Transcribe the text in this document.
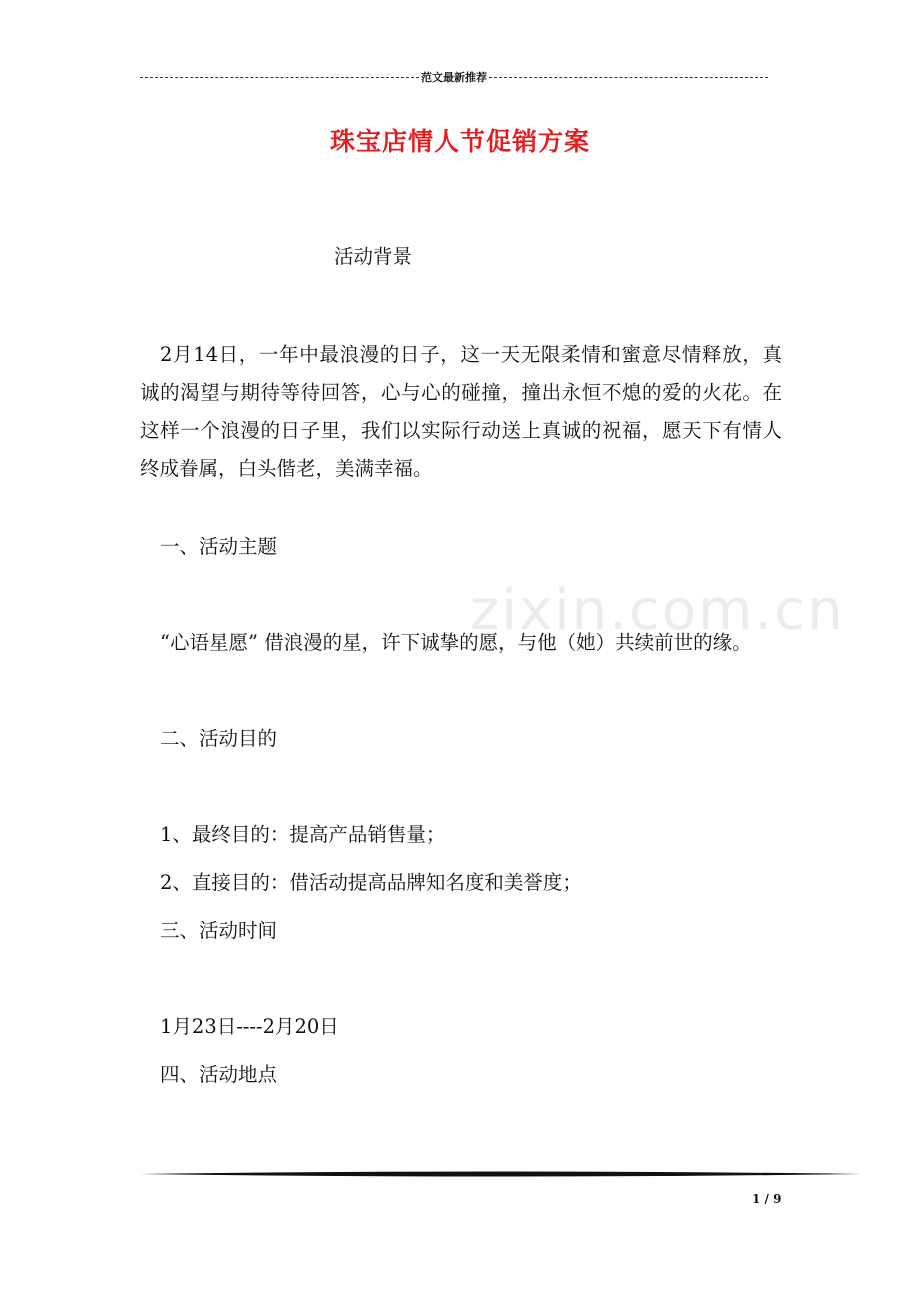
范文最新推荐
珠宝店情人节促销方案
活动背景

2月14日，一年中最浪漫的日子，这一天无限柔情和蜜意尽情释放，真诚的渴望与期待等待回答，心与心的碰撞，撞出永恒不熄的爱的火花。在这样一个浪漫的日子里，我们以实际行动送上真诚的祝福，愿天下有情人终成眷属，白头偕老，美满幸福。

一、活动主题

zixin.com.cn

“心语星愿” 借浪漫的星，许下诚挚的愿，与他（她）共续前世的缘。

二、活动目的

1、最终目的：提高产品销售量；

2、直接目的：借活动提高品牌知名度和美誉度；

三、活动时间

1月23日----2月20日

四、活动地点

1 / 9
